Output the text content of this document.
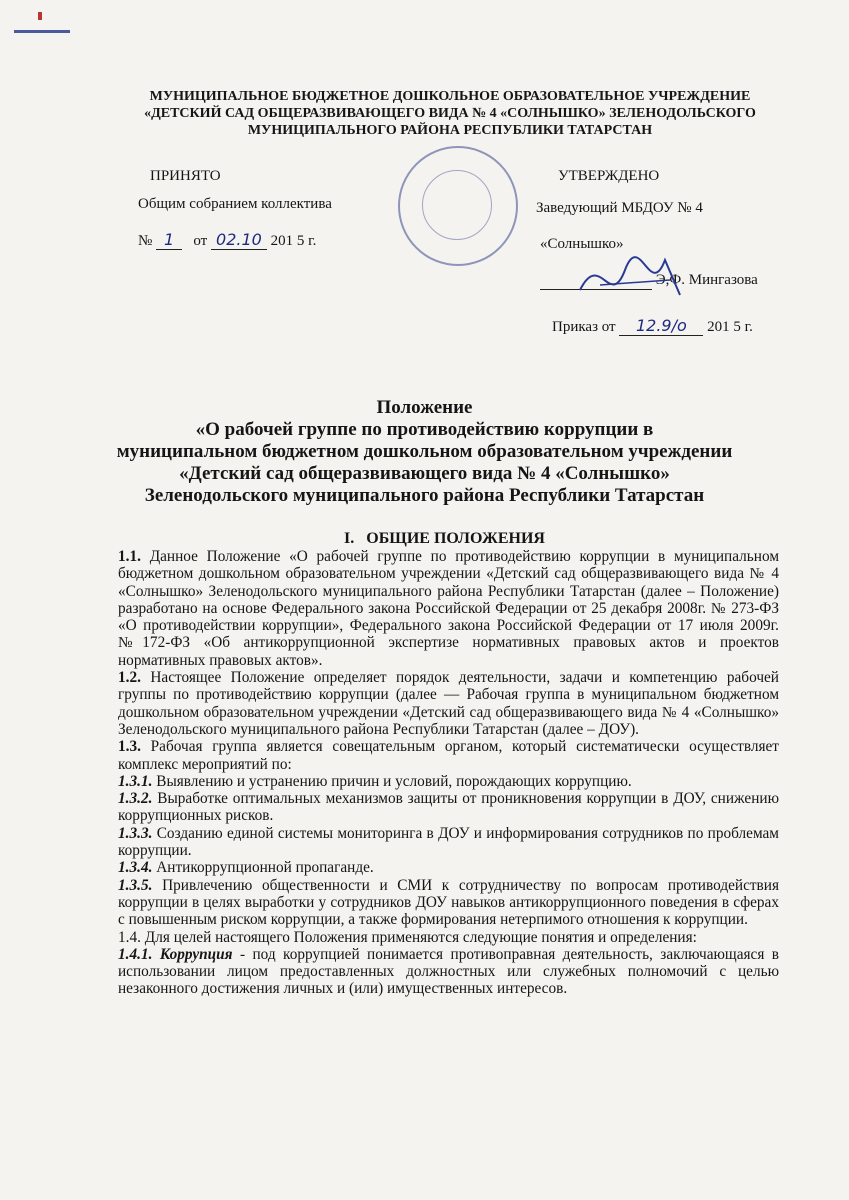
МУНИЦИПАЛЬНОЕ БЮДЖЕТНОЕ ДОШКОЛЬНОЕ ОБРАЗОВАТЕЛЬНОЕ УЧРЕЖДЕНИЕ
«ДЕТСКИЙ САД ОБЩЕРАЗВИВАЮЩЕГО ВИДА № 4 «СОЛНЫШКО» ЗЕЛЕНОДОЛЬСКОГО
МУНИЦИПАЛЬНОГО РАЙОНА РЕСПУБЛИКИ ТАТАРСТАН
ПРИНЯТО
Общим собранием коллектива
№ 1 от 02.10 201 5 г.
УТВЕРЖДЕНО
Заведующий МБДОУ № 4
«Солнышко»
Э,Ф. Мингазова
Приказ от 12.9/о 201 5 г.
Положение
«О рабочей группе по противодействию коррупции в
муниципальном бюджетном дошкольном образовательном учреждении
«Детский сад общеразвивающего вида № 4 «Солнышко»
Зеленодольского муниципального района Республики Татарстан
I. ОБЩИЕ ПОЛОЖЕНИЯ

1.1. Данное Положение «О рабочей группе по противодействию коррупции в муниципальном бюджетном дошкольном образовательном учреждении «Детский сад общеразвивающего вида № 4 «Солнышко» Зеленодольского муниципального района Республики Татарстан (далее – Положение) разработано на основе Федерального закона Российской Федерации от 25 декабря 2008г. № 273-ФЗ «О противодействии коррупции», Федерального закона Российской Федерации от 17 июля 2009г. №172-ФЗ «Об антикоррупционной экспертизе нормативных правовых актов и проектов нормативных правовых актов».

1.2. Настоящее Положение определяет порядок деятельности, задачи и компетенцию рабочей группы по противодействию коррупции (далее — Рабочая группа в муниципальном бюджетном дошкольном образовательном учреждении «Детский сад общеразвивающего вида № 4 «Солнышко» Зеленодольского муниципального района Республики Татарстан (далее – ДОУ).

1.3. Рабочая группа является совещательным органом, который систематически осуществляет комплекс мероприятий по:

1.3.1. Выявлению и устранению причин и условий, порождающих коррупцию.

1.3.2. Выработке оптимальных механизмов защиты от проникновения коррупции в ДОУ, снижению коррупционных рисков.

1.3.3. Созданию единой системы мониторинга в ДОУ и информирования сотрудников по проблемам коррупции.

1.3.4. Антикоррупционной пропаганде.

1.3.5. Привлечению общественности и СМИ к сотрудничеству по вопросам противодействия коррупции в целях выработки у сотрудников ДОУ навыков антикоррупционного поведения в сферах с повышенным риском коррупции, а также формирования нетерпимого отношения к коррупции.

1.4. Для целей настоящего Положения применяются следующие понятия и определения:

1.4.1. Коррупция - под коррупцией понимается противоправная деятельность, заключающаяся в использовании лицом предоставленных должностных или служебных полномочий с целью незаконного достижения личных и (или) имущественных интересов.
